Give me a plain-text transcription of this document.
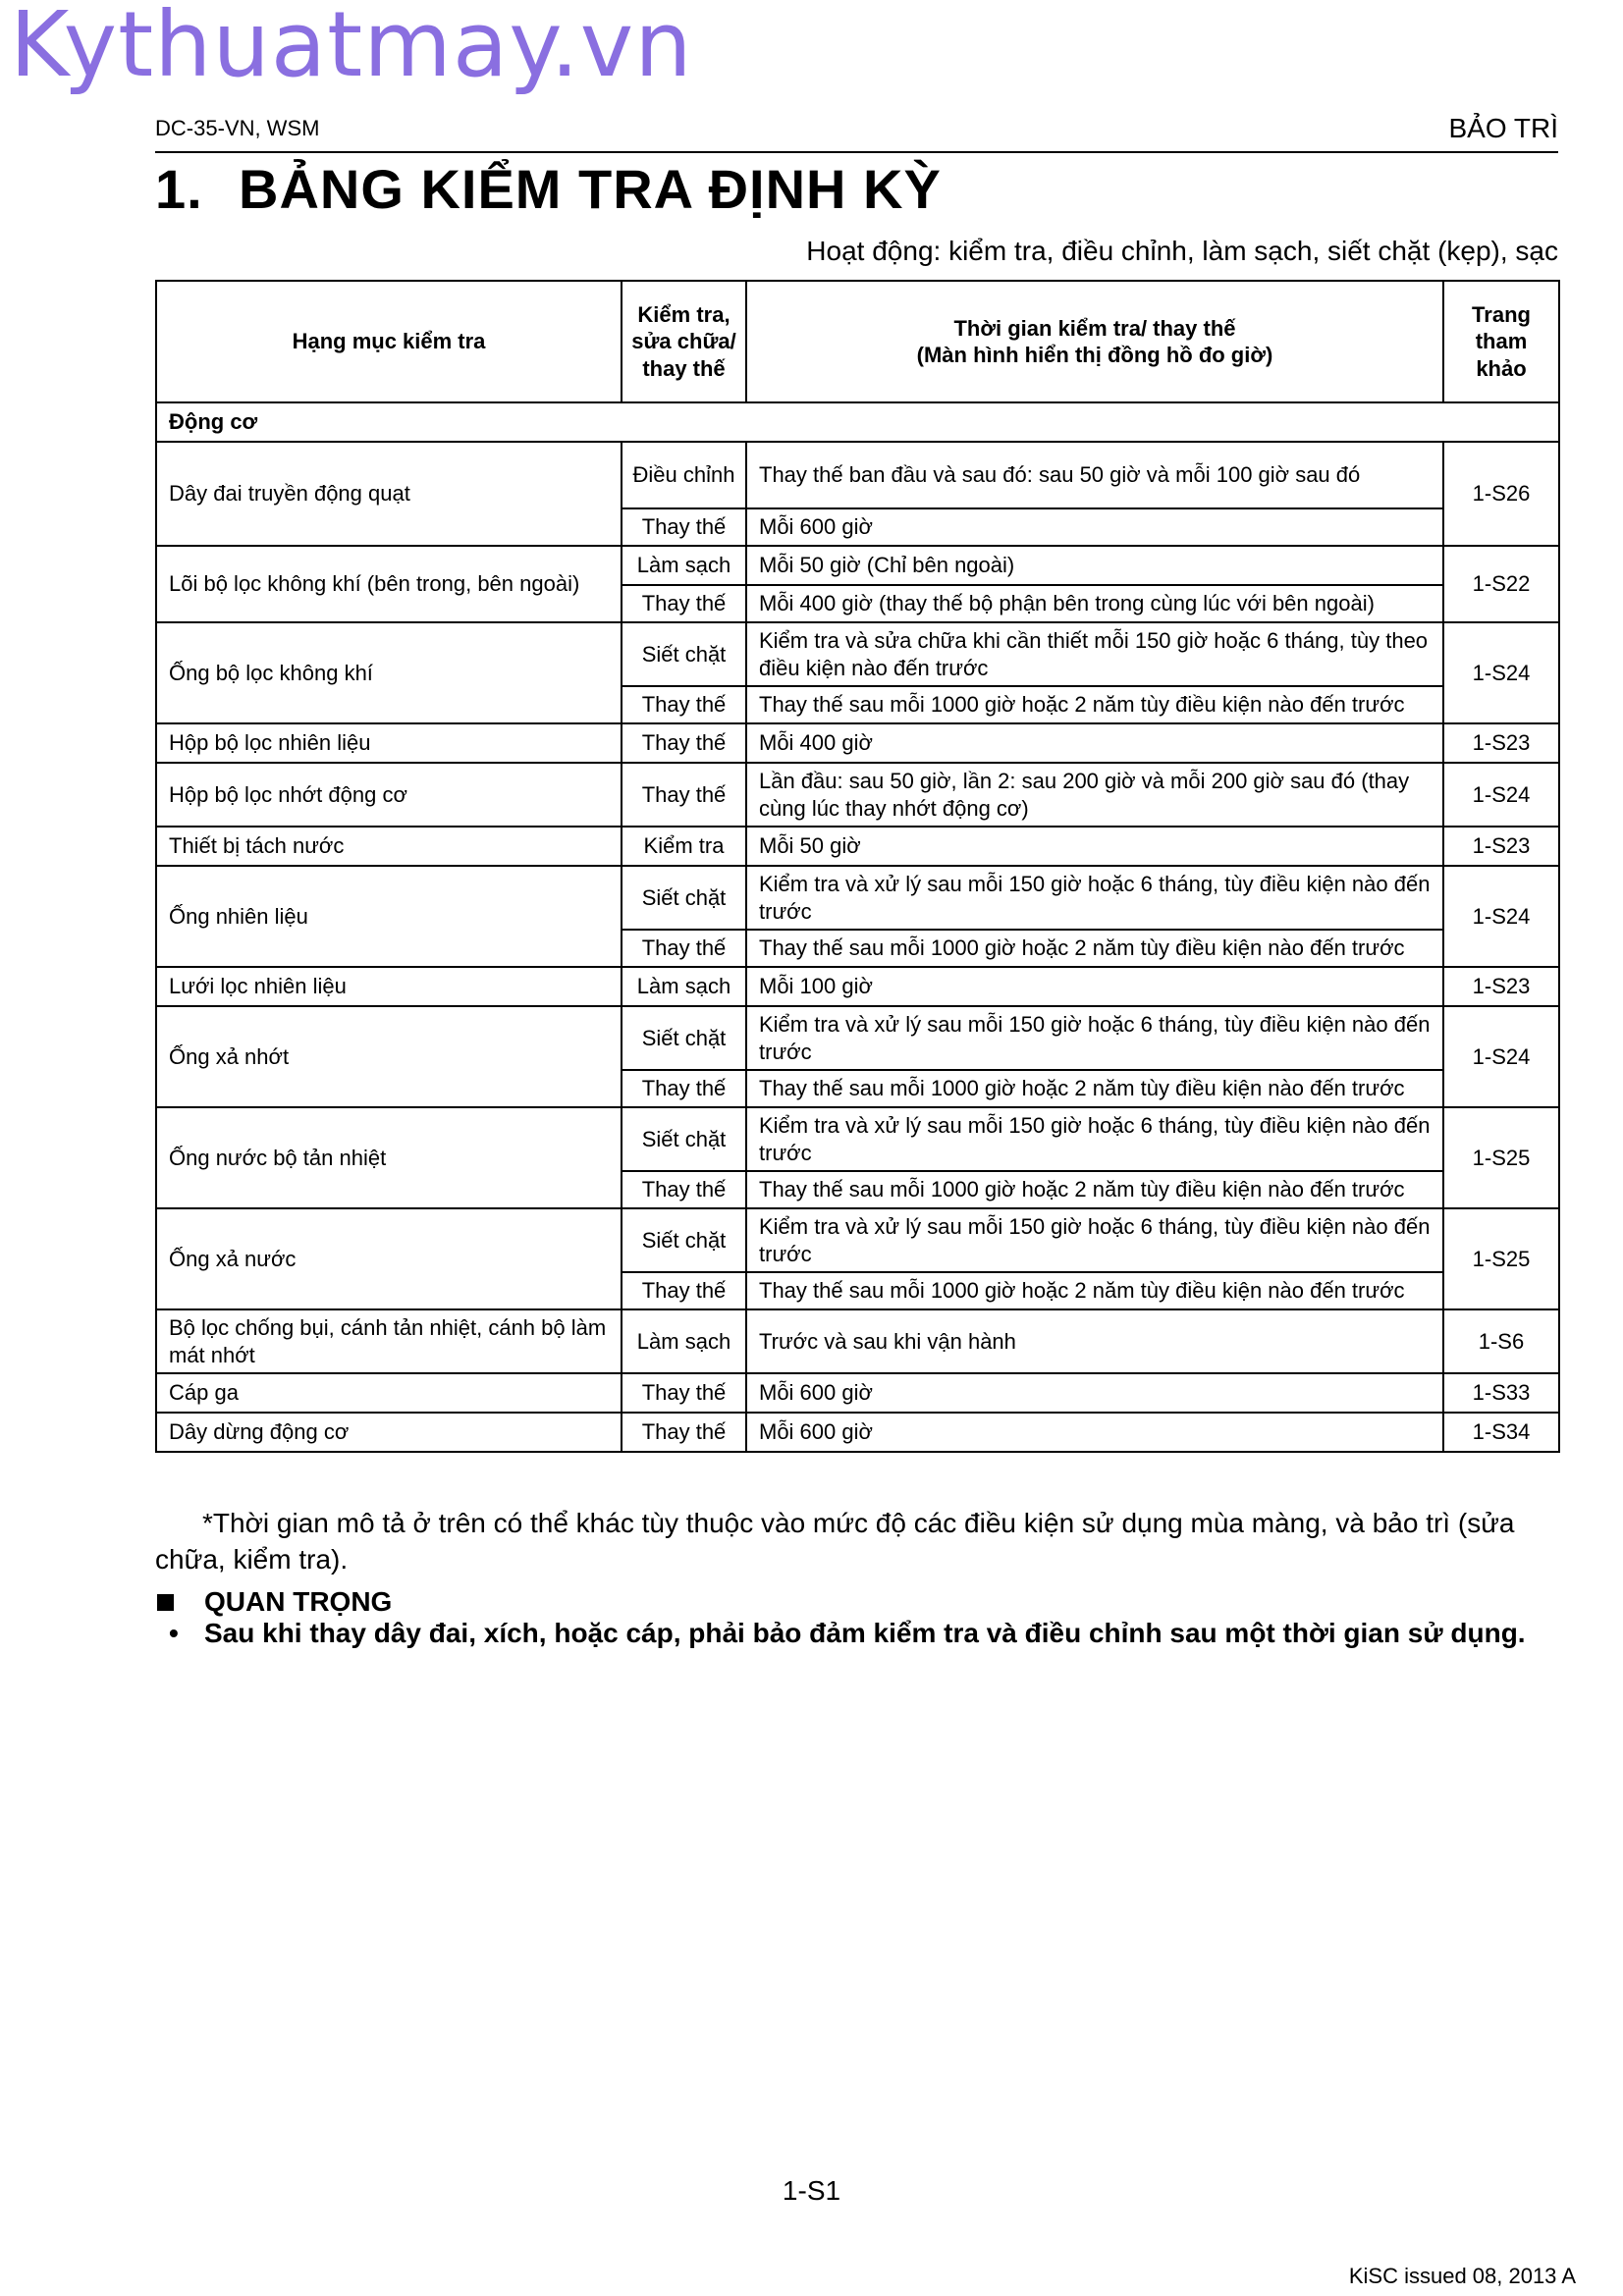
Kythuatmay.vn
DC-35-VN, WSM	BẢO TRÌ
1. BẢNG KIỂM TRA ĐỊNH KỲ
Hoạt động: kiểm tra, điều chỉnh, làm sạch, siết chặt (kẹp), sạc
Hạng mục kiểm tra	Kiểm tra, sửa chữa/ thay thế	Thời gian kiểm tra/ thay thế
(Màn hình hiển thị đồng hồ đo giờ)	Trang tham khảo
Động cơ			
Dây đai truyền động quạt	Điều chỉnh	Thay thế ban đầu và sau đó: sau 50 giờ và mỗi 100 giờ sau đó	1-S26
	Thay thế	Mỗi 600 giờ	
Lõi bộ lọc không khí (bên trong, bên ngoài)	Làm sạch	Mỗi 50 giờ (Chỉ bên ngoài)	1-S22
	Thay thế	Mỗi 400 giờ (thay thế bộ phận bên trong cùng lúc với bên ngoài)	
Ống bộ lọc không khí	Siết chặt	Kiểm tra và sửa chữa khi cần thiết mỗi 150 giờ hoặc 6 tháng, tùy theo điều kiện nào đến trước	1-S24
	Thay thế	Thay thế sau mỗi 1000 giờ hoặc 2 năm tùy điều kiện nào đến trước	
Hộp bộ lọc nhiên liệu	Thay thế	Mỗi 400 giờ	1-S23
Hộp bộ lọc nhớt động cơ	Thay thế	Lần đầu: sau 50 giờ, lần 2: sau 200 giờ và mỗi 200 giờ sau đó (thay cùng lúc thay nhớt động cơ)	1-S24
Thiết bị tách nước	Kiểm tra	Mỗi 50 giờ	1-S23
Ống nhiên liệu	Siết chặt	Kiểm tra và xử lý sau mỗi 150 giờ hoặc 6 tháng, tùy điều kiện nào đến trước	1-S24
	Thay thế	Thay thế sau mỗi 1000 giờ hoặc 2 năm tùy điều kiện nào đến trước	
Lưới lọc nhiên liệu	Làm sạch	Mỗi 100 giờ	1-S23
Ống xả nhớt	Siết chặt	Kiểm tra và xử lý sau mỗi 150 giờ hoặc 6 tháng, tùy điều kiện nào đến trước	1-S24
	Thay thế	Thay thế sau mỗi 1000 giờ hoặc 2 năm tùy điều kiện nào đến trước	
Ống nước bộ tản nhiệt	Siết chặt	Kiểm tra và xử lý sau mỗi 150 giờ hoặc 6 tháng, tùy điều kiện nào đến trước	1-S25
	Thay thế	Thay thế sau mỗi 1000 giờ hoặc 2 năm tùy điều kiện nào đến trước	
Ống xả nước	Siết chặt	Kiểm tra và xử lý sau mỗi 150 giờ hoặc 6 tháng, tùy điều kiện nào đến trước	1-S25
	Thay thế	Thay thế sau mỗi 1000 giờ hoặc 2 năm tùy điều kiện nào đến trước	
Bộ lọc chống bụi, cánh tản nhiệt, cánh bộ làm mát nhớt	Làm sạch	Trước và sau khi vận hành	1-S6
Cáp ga	Thay thế	Mỗi 600 giờ	1-S33
Dây dừng động cơ	Thay thế	Mỗi 600 giờ	1-S34
*Thời gian mô tả ở trên có thể khác tùy thuộc vào mức độ các điều kiện sử dụng mùa màng, và bảo trì (sửa chữa, kiểm tra).
QUAN TRỌNG
• Sau khi thay dây đai, xích, hoặc cáp, phải bảo đảm kiểm tra và điều chỉnh sau một thời gian sử dụng.
1-S1
KiSC issued 08, 2013 A
